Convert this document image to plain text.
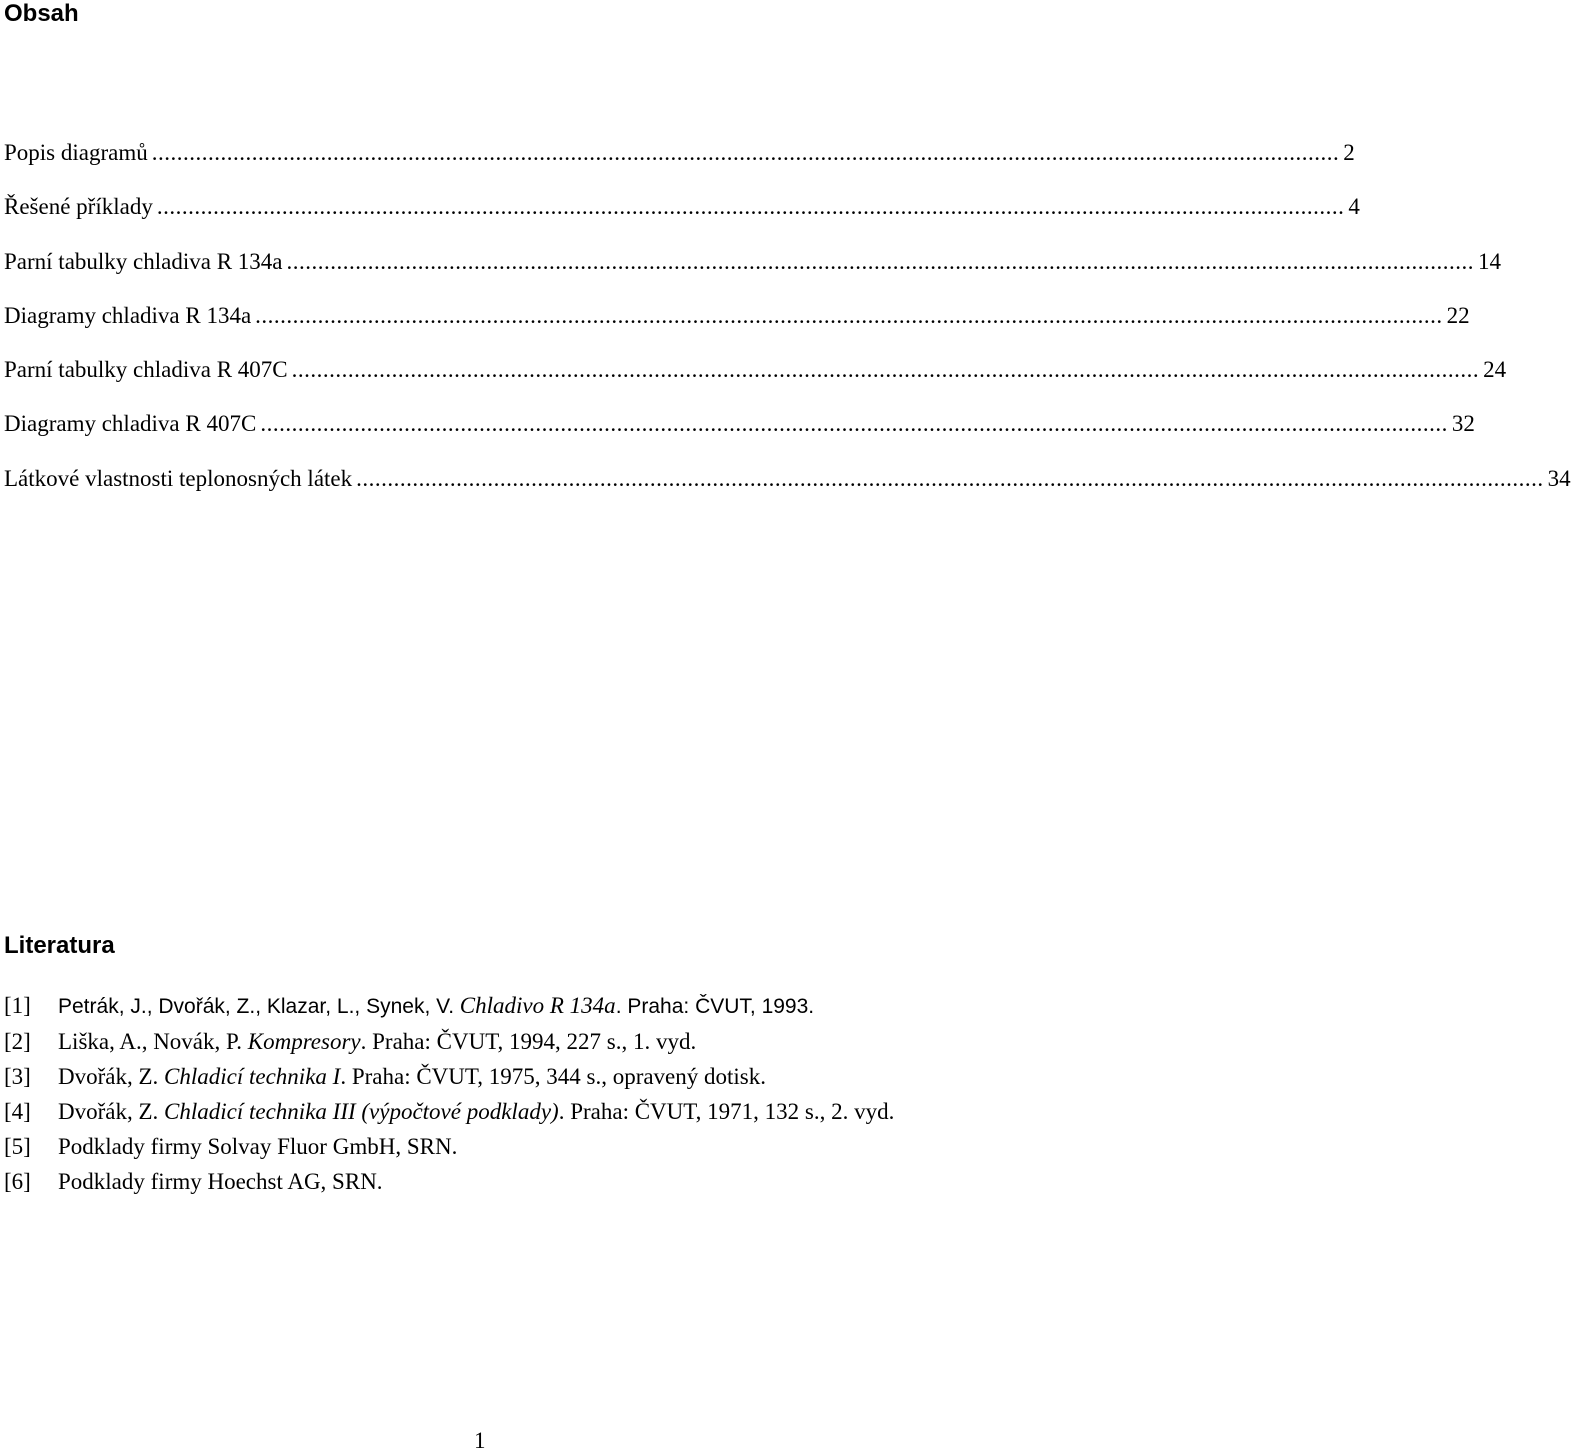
Obsah
Popis diagramů .............................................................................................................................................................................................. 2
Řešené příklady .............................................................................................................................................................................................. 4
Parní tabulky chladiva R 134a .............................................................................................................................................................................................. 14
Diagramy chladiva R 134a .............................................................................................................................................................................................. 22
Parní tabulky chladiva R 407C .............................................................................................................................................................................................. 24
Diagramy chladiva R 407C .............................................................................................................................................................................................. 32
Látkové vlastnosti teplonosných látek .............................................................................................................................................................................................. 34
Literatura
[1]	Petrák, J., Dvořák, Z., Klazar, L., Synek, V. Chladivo R 134a. Praha: ČVUT, 1993.
[2]	Liška, A., Novák, P. Kompresory. Praha: ČVUT, 1994, 227 s., 1. vyd.
[3]	Dvořák, Z. Chladicí technika I. Praha: ČVUT, 1975, 344 s., opravený dotisk.
[4]	Dvořák, Z. Chladicí technika III (výpočtové podklady). Praha: ČVUT, 1971, 132 s., 2. vyd.
[5]	Podklady firmy Solvay Fluor GmbH, SRN.
[6]	Podklady firmy Hoechst AG, SRN.
1
